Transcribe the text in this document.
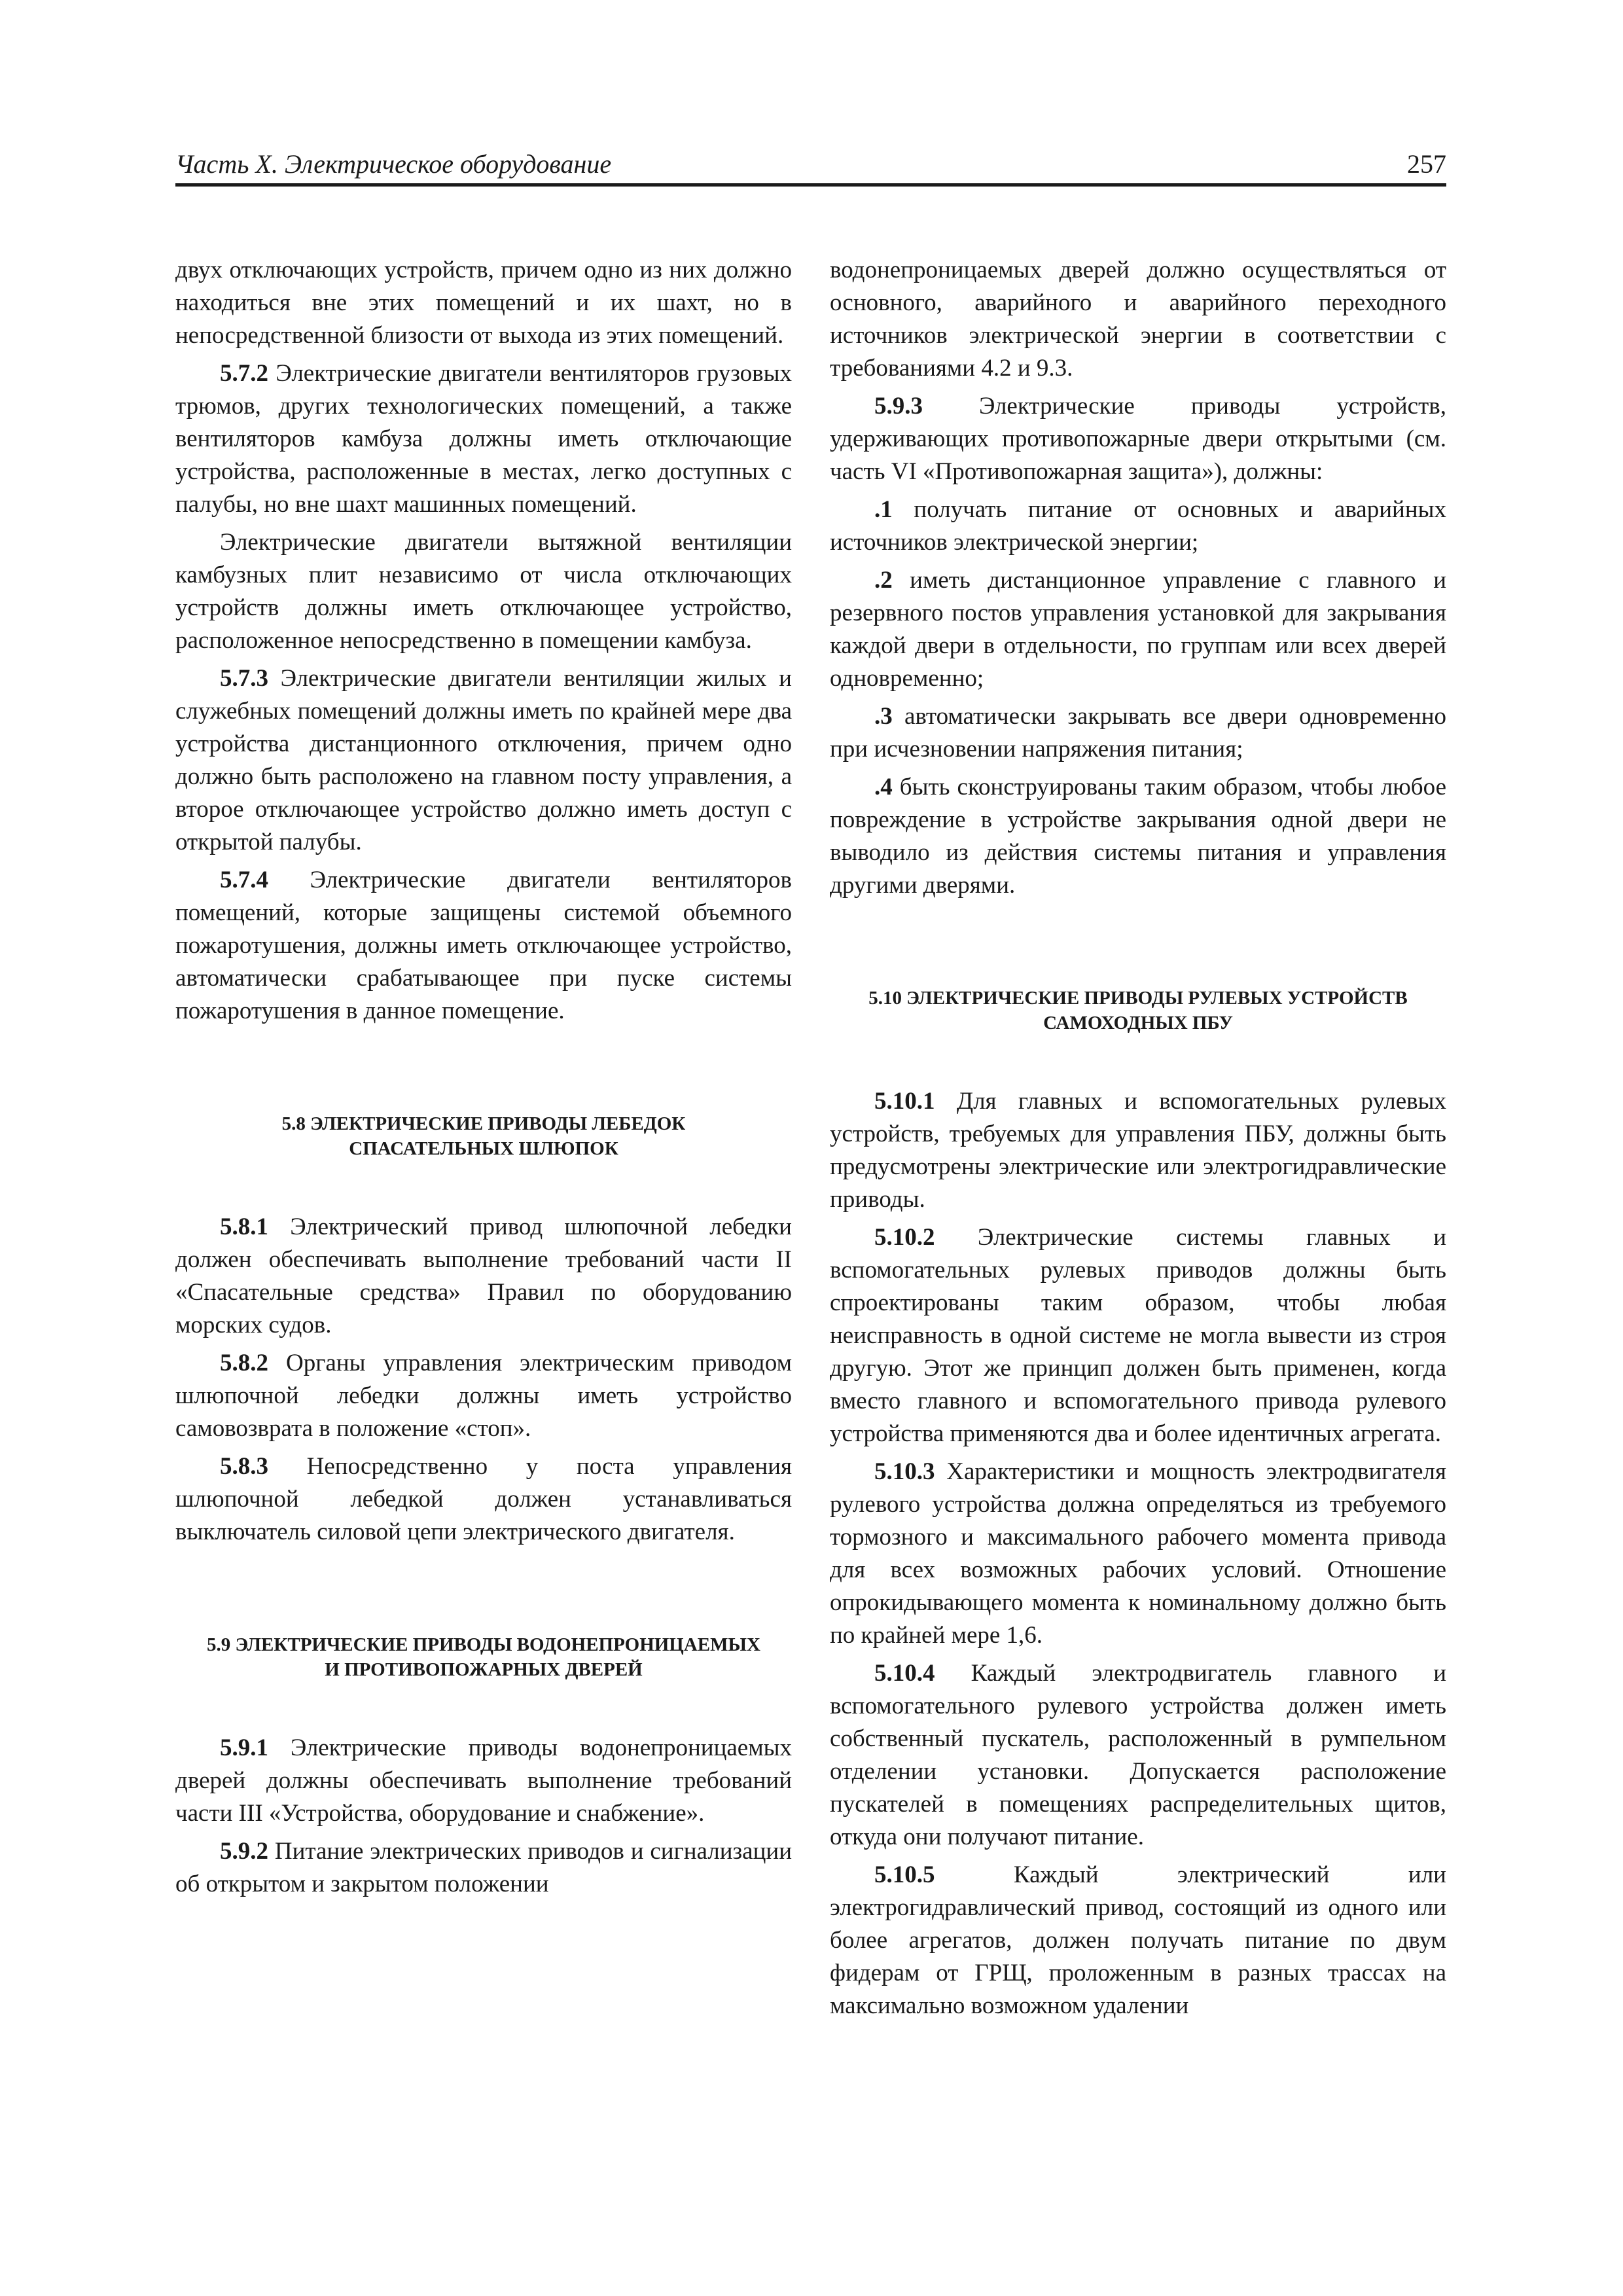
Часть X. Электрическое оборудование	257

двух отключающих устройств, причем одно из них должно находиться вне этих помещений и их шахт, но в непосредственной близости от выхода из этих помещений.

5.7.2 Электрические двигатели вентиляторов грузовых трюмов, других технологических помещений, а также вентиляторов камбуза должны иметь отключающие устройства, расположенные в местах, легко доступных с палубы, но вне шахт машинных помещений.

Электрические двигатели вытяжной вентиляции камбузных плит независимо от числа отключающих устройств должны иметь отключающее устройство, расположенное непосредственно в помещении камбуза.

5.7.3 Электрические двигатели вентиляции жилых и служебных помещений должны иметь по крайней мере два устройства дистанционного отключения, причем одно должно быть расположено на главном посту управления, а второе отключающее устройство должно иметь доступ с открытой палубы.

5.7.4 Электрические двигатели вентиляторов помещений, которые защищены системой объемного пожаротушения, должны иметь отключающее устройство, автоматически срабатывающее при пуске системы пожаротушения в данное помещение.

5.8 ЭЛЕКТРИЧЕСКИЕ ПРИВОДЫ ЛЕБЕДОК СПАСАТЕЛЬНЫХ ШЛЮПОК

5.8.1 Электрический привод шлюпочной лебедки должен обеспечивать выполнение требований части II «Спасательные средства» Правил по оборудованию морских судов.

5.8.2 Органы управления электрическим приводом шлюпочной лебедки должны иметь устройство самовозврата в положение «стоп».

5.8.3 Непосредственно у поста управления шлюпочной лебедкой должен устанавливаться выключатель силовой цепи электрического двигателя.

5.9 ЭЛЕКТРИЧЕСКИЕ ПРИВОДЫ ВОДОНЕПРОНИЦАЕМЫХ И ПРОТИВОПОЖАРНЫХ ДВЕРЕЙ

5.9.1 Электрические приводы водонепроницаемых дверей должны обеспечивать выполнение требований части III «Устройства, оборудование и снабжение».

5.9.2 Питание электрических приводов и сигнализации об открытом и закрытом положении

водонепроницаемых дверей должно осуществляться от основного, аварийного и аварийного переходного источников электрической энергии в соответствии с требованиями 4.2 и 9.3.

5.9.3 Электрические приводы устройств, удерживающих противопожарные двери открытыми (см. часть VI «Противопожарная защита»), должны:

.1 получать питание от основных и аварийных источников электрической энергии;

.2 иметь дистанционное управление с главного и резервного постов управления установкой для закрывания каждой двери в отдельности, по группам или всех дверей одновременно;

.3 автоматически закрывать все двери одновременно при исчезновении напряжения питания;

.4 быть сконструированы таким образом, чтобы любое повреждение в устройстве закрывания одной двери не выводило из действия системы питания и управления другими дверями.

5.10 ЭЛЕКТРИЧЕСКИЕ ПРИВОДЫ РУЛЕВЫХ УСТРОЙСТВ САМОХОДНЫХ ПБУ

5.10.1 Для главных и вспомогательных рулевых устройств, требуемых для управления ПБУ, должны быть предусмотрены электрические или электрогидравлические приводы.

5.10.2 Электрические системы главных и вспомогательных рулевых приводов должны быть спроектированы таким образом, чтобы любая неисправность в одной системе не могла вывести из строя другую. Этот же принцип должен быть применен, когда вместо главного и вспомогательного привода рулевого устройства применяются два и более идентичных агрегата.

5.10.3 Характеристики и мощность электродвигателя рулевого устройства должна определяться из требуемого тормозного и максимального рабочего момента привода для всех возможных рабочих условий. Отношение опрокидывающего момента к номинальному должно быть по крайней мере 1,6.

5.10.4 Каждый электродвигатель главного и вспомогательного рулевого устройства должен иметь собственный пускатель, расположенный в румпельном отделении установки. Допускается расположение пускателей в помещениях распределительных щитов, откуда они получают питание.

5.10.5 Каждый электрический или электрогидравлический привод, состоящий из одного или более агрегатов, должен получать питание по двум фидерам от ГРЩ, проложенным в разных трассах на максимально возможном удалении
